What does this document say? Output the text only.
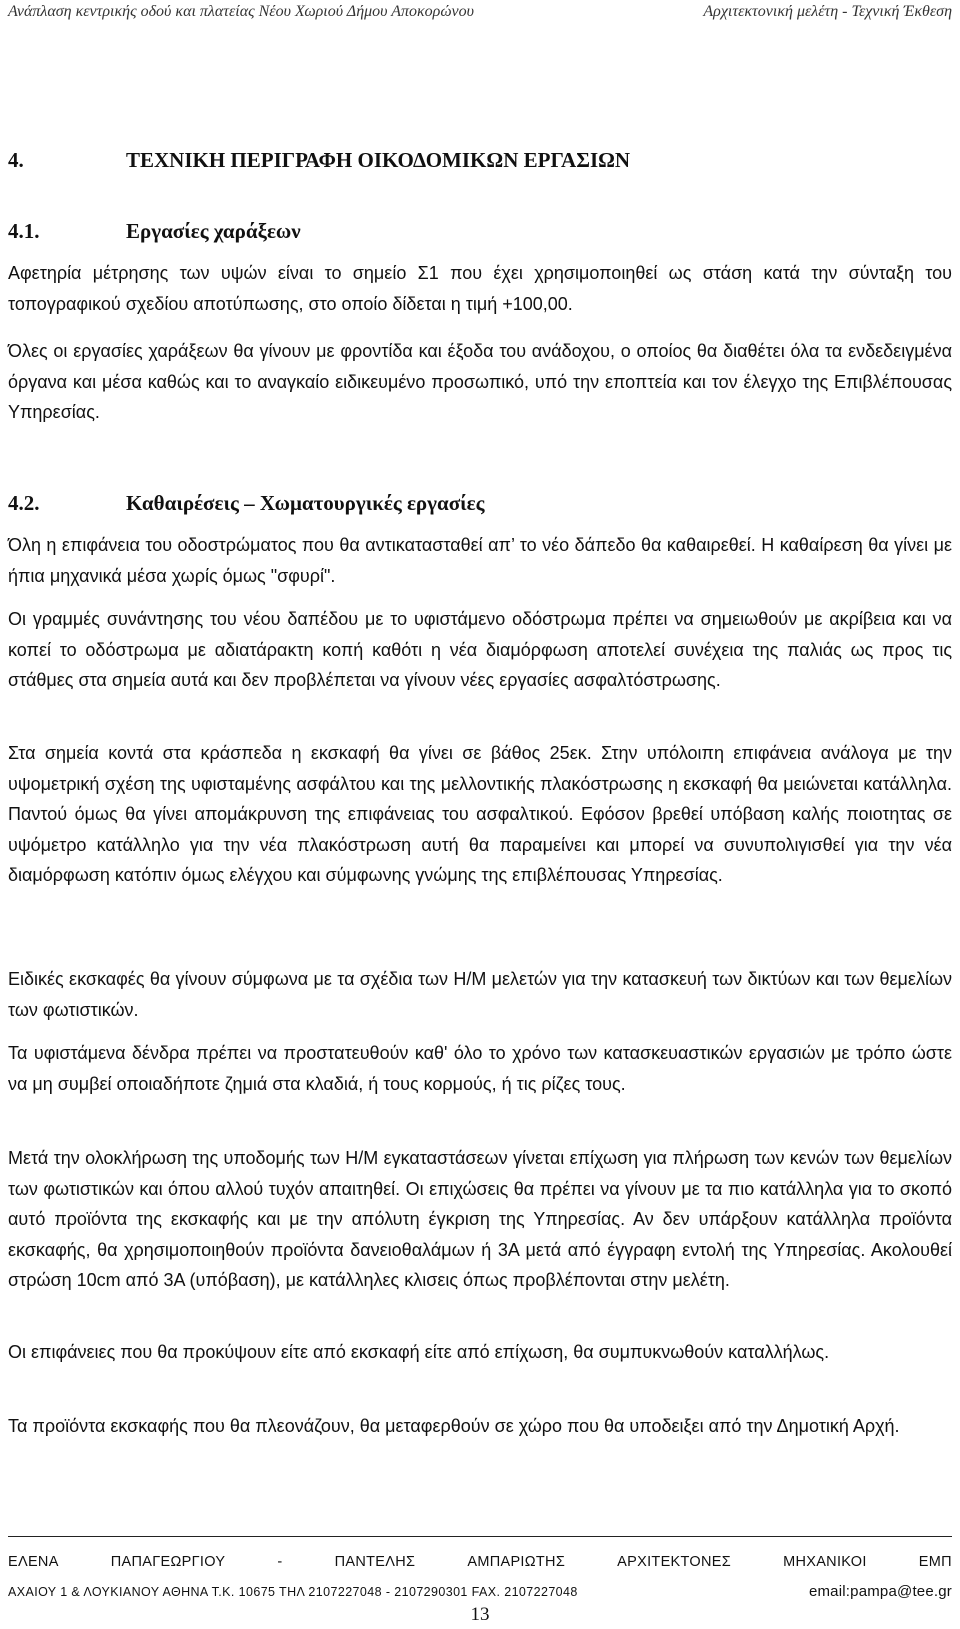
Ανάπλαση κεντρικής οδού και πλατείας Νέου Χωριού Δήμου Αποκορώνου	Αρχιτεκτονική μελέτη - Τεχνική Έκθεση
4.	ΤΕΧΝΙΚΗ ΠΕΡΙΓΡΑΦΗ ΟΙΚΟΔΟΜΙΚΩΝ ΕΡΓΑΣΙΩΝ
4.1.	Εργασίες χαράξεων

Αφετηρία μέτρησης των υψών είναι το σημείο Σ1 που έχει χρησιμοποιηθεί ως στάση κατά την σύνταξη του τοπογραφικού σχεδίου αποτύπωσης, στο οποίο δίδεται η τιμή +100,00.

Όλες οι εργασίες χαράξεων θα γίνουν με φροντίδα και έξοδα του ανάδοχου, ο οποίος θα διαθέτει όλα τα ενδεδειγμένα όργανα και μέσα καθώς και το αναγκαίο ειδικευμένο προσωπικό, υπό την εποπτεία και τον έλεγχο της Επιβλέπουσας Υπηρεσίας.

4.2.	Καθαιρέσεις – Χωματουργικές εργασίες

Όλη η επιφάνεια του οδοστρώματος που θα αντικατασταθεί απ’ το νέο δάπεδο θα καθαιρεθεί. Η καθαίρεση θα γίνει με ήπια μηχανικά μέσα χωρίς όμως "σφυρί".

Οι γραμμές συνάντησης του νέου δαπέδου με το υφιστάμενο οδόστρωμα πρέπει να σημειωθούν με ακρίβεια και να κοπεί το οδόστρωμα με αδιατάρακτη κοπή καθότι η νέα διαμόρφωση αποτελεί συνέχεια της παλιάς ως προς τις στάθμες στα σημεία αυτά και δεν προβλέπεται να γίνουν νέες εργασίες ασφαλτόστρωσης.

Στα σημεία κοντά στα κράσπεδα η εκσκαφή θα γίνει σε βάθος 25εκ. Στην υπόλοιπη επιφάνεια ανάλογα με την υψομετρική σχέση της υφισταμένης ασφάλτου και της μελλοντικής πλακόστρωσης η εκσκαφή θα μειώνεται κατάλληλα. Παντού όμως θα γίνει απομάκρυνση της επιφάνειας του ασφαλτικού. Εφόσον βρεθεί υπόβαση καλής ποιοτητας σε υψόμετρο κατάλληλο για την νέα πλακόστρωση αυτή θα παραμείνει και μπορεί να συνυπολιγισθεί για την νέα διαμόρφωση κατόπιν όμως ελέγχου και σύμφωνης γνώμης της επιβλέπουσας Υπηρεσίας.

Ειδικές εκσκαφές θα γίνουν σύμφωνα με τα σχέδια των Η/Μ μελετών για την κατασκευή των δικτύων και των θεμελίων των φωτιστικών.

Τα υφιστάμενα δένδρα πρέπει να προστατευθούν καθ' όλο το χρόνο των κατασκευαστικών εργασιών με τρόπο ώστε να μη συμβεί οποιαδήποτε ζημιά στα κλαδιά, ή τους κορμούς, ή τις ρίζες τους.

Μετά την ολοκλήρωση της υποδομής των Η/Μ εγκαταστάσεων γίνεται επίχωση για πλήρωση των κενών των θεμελίων των φωτιστικών και όπου αλλού τυχόν απαιτηθεί. Οι επιχώσεις θα πρέπει να γίνουν με τα πιο κατάλληλα για το σκοπό αυτό προϊόντα της εκσκαφής και με την απόλυτη έγκριση της Υπηρεσίας. Αν δεν υπάρξουν κατάλληλα προϊόντα εκσκαφής, θα χρησιμοποιηθούν προϊόντα δανειοθαλάμων ή 3Α μετά από έγγραφη εντολή της Υπηρεσίας. Ακολουθεί στρώση 10cm από 3Α (υπόβαση), με κατάλληλες κλισεις όπως προβλέπονται στην μελέτη.

Οι επιφάνειες που θα προκύψουν είτε από εκσκαφή είτε από επίχωση, θα συμπυκνωθούν καταλλήλως.

Τα προϊόντα εκσκαφής που θα πλεονάζουν, θα μεταφερθούν σε χώρο που θα υποδειξει από την Δημοτική Αρχή.

ΕΛΕΝΑ	ΠΑΠΑΓΕΩΡΓΙΟΥ	-	ΠΑΝΤΕΛΗΣ	ΑΜΠΑΡΙΩΤΗΣ	ΑΡΧΙΤΕΚΤΟΝΕΣ	ΜΗΧΑΝΙΚΟΙ	ΕΜΠ
ΑΧΑΙΟΥ 1 & ΛΟΥΚΙΑΝΟΥ ΑΘΗΝΑ Τ.Κ. 10675 ΤΗΛ 2107227048 - 2107290301 FAX. 2107227048	email:pampa@tee.gr
13
